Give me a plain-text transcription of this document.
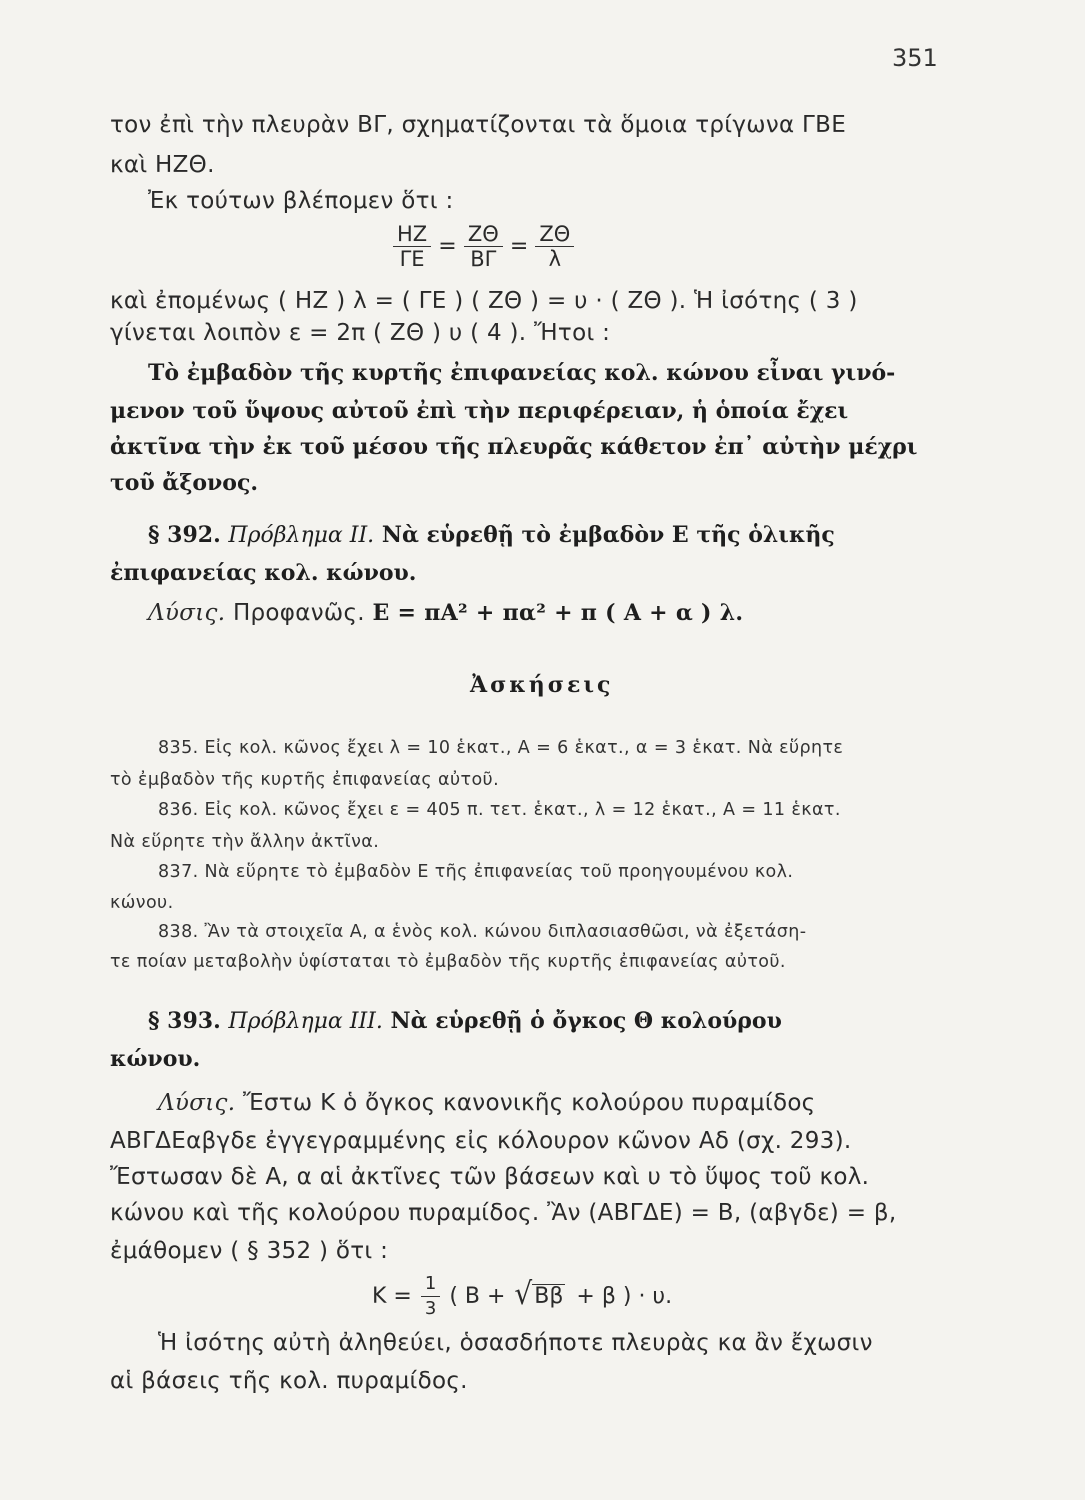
351
τον ἐπὶ τὴν πλευρὰν ΒΓ, σχηματίζονται τὰ ὅμοια τρίγωνα ΓΒΕ
καὶ ΗΖΘ.
Ἐκ τούτων βλέπομεν ὅτι :
$\frac{HZ}{\Gamma E} = \frac{Z\Theta}{B\Gamma} = \frac{Z\Theta}{\lambda}$
καὶ ἐπομένως ( ΗΖ ) λ = ( ΓΕ ) ( ΖΘ ) = υ · ( ΖΘ ). Ἡ ἰσότης ( 3 )
γίνεται λοιπὸν ε = 2π ( ΖΘ ) υ ( 4 ). Ἤτοι :
Τὸ ἐμβαδὸν τῆς κυρτῆς ἐπιφανείας κολ. κώνου εἶναι γινό-
μενον τοῦ ὕψους αὐτοῦ ἐπὶ τὴν περιφέρειαν, ἡ ὁποία ἔχει
ἀκτῖνα τὴν ἐκ τοῦ μέσου τῆς πλευρᾶς κάθετον ἐπ᾽ αὐτὴν μέχρι
τοῦ ἄξονος.
§ 392. Πρόβλημα ΙΙ. Νὰ εὑρεθῇ τὸ ἐμβαδὸν Ε τῆς ὁλικῆς
ἐπιφανείας κολ. κώνου.
Λύσις. Προφανῶς. Ε = πΑ² + πα² + π ( Α + α ) λ.
Ἀσκήσεις
835. Εἰς κολ. κῶνος ἔχει λ = 10 ἑκατ., Α = 6 ἑκατ., α = 3 ἑκατ. Νὰ εὕρητε
τὸ ἐμβαδὸν τῆς κυρτῆς ἐπιφανείας αὐτοῦ.
836. Εἰς κολ. κῶνος ἔχει ε = 405 π. τετ. ἑκατ., λ = 12 ἑκατ., Α = 11 ἑκατ.
Νὰ εὕρητε τὴν ἄλλην ἀκτῖνα.
837. Νὰ εὕρητε τὸ ἐμβαδὸν Ε τῆς ἐπιφανείας τοῦ προηγουμένου κολ.
κώνου.
838. Ἂν τὰ στοιχεῖα Α, α ἑνὸς κολ. κώνου διπλασιασθῶσι, νὰ ἐξετάση-
τε ποίαν μεταβολὴν ὑφίσταται τὸ ἐμβαδὸν τῆς κυρτῆς ἐπιφανείας αὐτοῦ.
§ 393. Πρόβλημα ΙΙΙ. Νὰ εὑρεθῇ ὁ ὄγκος Θ κολούρου
κώνου.
Λύσις. Ἔστω Κ ὁ ὄγκος κανονικῆς κολούρου πυραμίδος
ΑΒΓΔΕαβγδε ἐγγεγραμμένης εἰς κόλουρον κῶνον Αδ (σχ. 293).
Ἔστωσαν δὲ Α, α αἱ ἀκτῖνες τῶν βάσεων καὶ υ τὸ ὕψος τοῦ κολ.
κώνου καὶ τῆς κολούρου πυραμίδος. Ἂν (ΑΒΓΔΕ) = Β, (αβγδε) = β,
ἐμάθομεν ( § 352 ) ὅτι :
$K = \frac{1}{3}$ ( Β + √Ββ + β ) · υ.
Ἡ ἰσότης αὐτὴ ἀληθεύει, ὁσασδήποτε πλευρὰς κα ἂν ἔχωσιν
αἱ βάσεις τῆς κολ. πυραμίδος.
